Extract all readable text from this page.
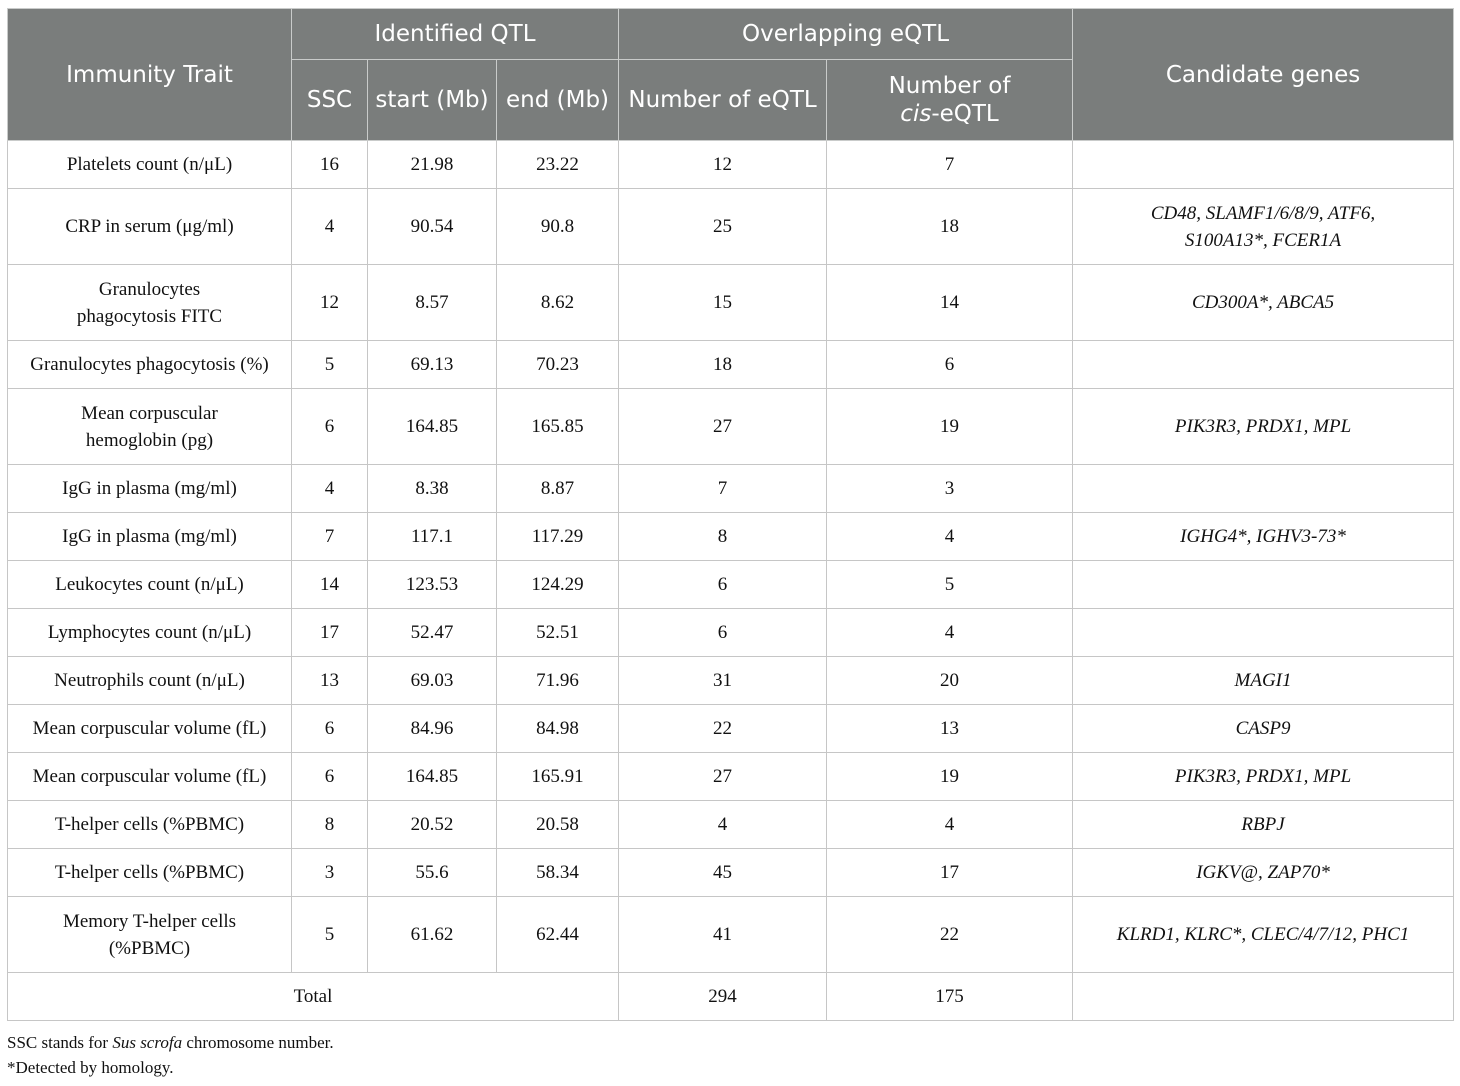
Immunity Trait	Identified QTL			Overlapping eQTL		Candidate genes
	SSC	start (Mb)	end (Mb)	Number of eQTL	Number of
cis-eQTL	
Platelets count (n/μL)	16	21.98	23.22	12	7	
CRP in serum (μg/ml)	4	90.54	90.8	25	18	CD48, SLAMF1/6/8/9, ATF6, S100A13*, FCER1A
Granulocytes phagocytosis FITC	12	8.57	8.62	15	14	CD300A*, ABCA5
Granulocytes phagocytosis (%)	5	69.13	70.23	18	6	
Mean corpuscular hemoglobin (pg)	6	164.85	165.85	27	19	PIK3R3, PRDX1, MPL
IgG in plasma (mg/ml)	4	8.38	8.87	7	3	
IgG in plasma (mg/ml)	7	117.1	117.29	8	4	IGHG4*, IGHV3-73*
Leukocytes count (n/μL)	14	123.53	124.29	6	5	
Lymphocytes count (n/μL)	17	52.47	52.51	6	4	
Neutrophils count (n/μL)	13	69.03	71.96	31	20	MAGI1
Mean corpuscular volume (fL)	6	84.96	84.98	22	13	CASP9
Mean corpuscular volume (fL)	6	164.85	165.91	27	19	PIK3R3, PRDX1, MPL
T-helper cells (%PBMC)	8	20.52	20.58	4	4	RBPJ
T-helper cells (%PBMC)	3	55.6	58.34	45	17	IGKV@, ZAP70*
Memory T-helper cells (%PBMC)	5	61.62	62.44	41	22	KLRD1, KLRC*, CLEC/4/7/12, PHC1
Total				294	175	
SSC stands for Sus scrofa chromosome number.
*Detected by homology.
